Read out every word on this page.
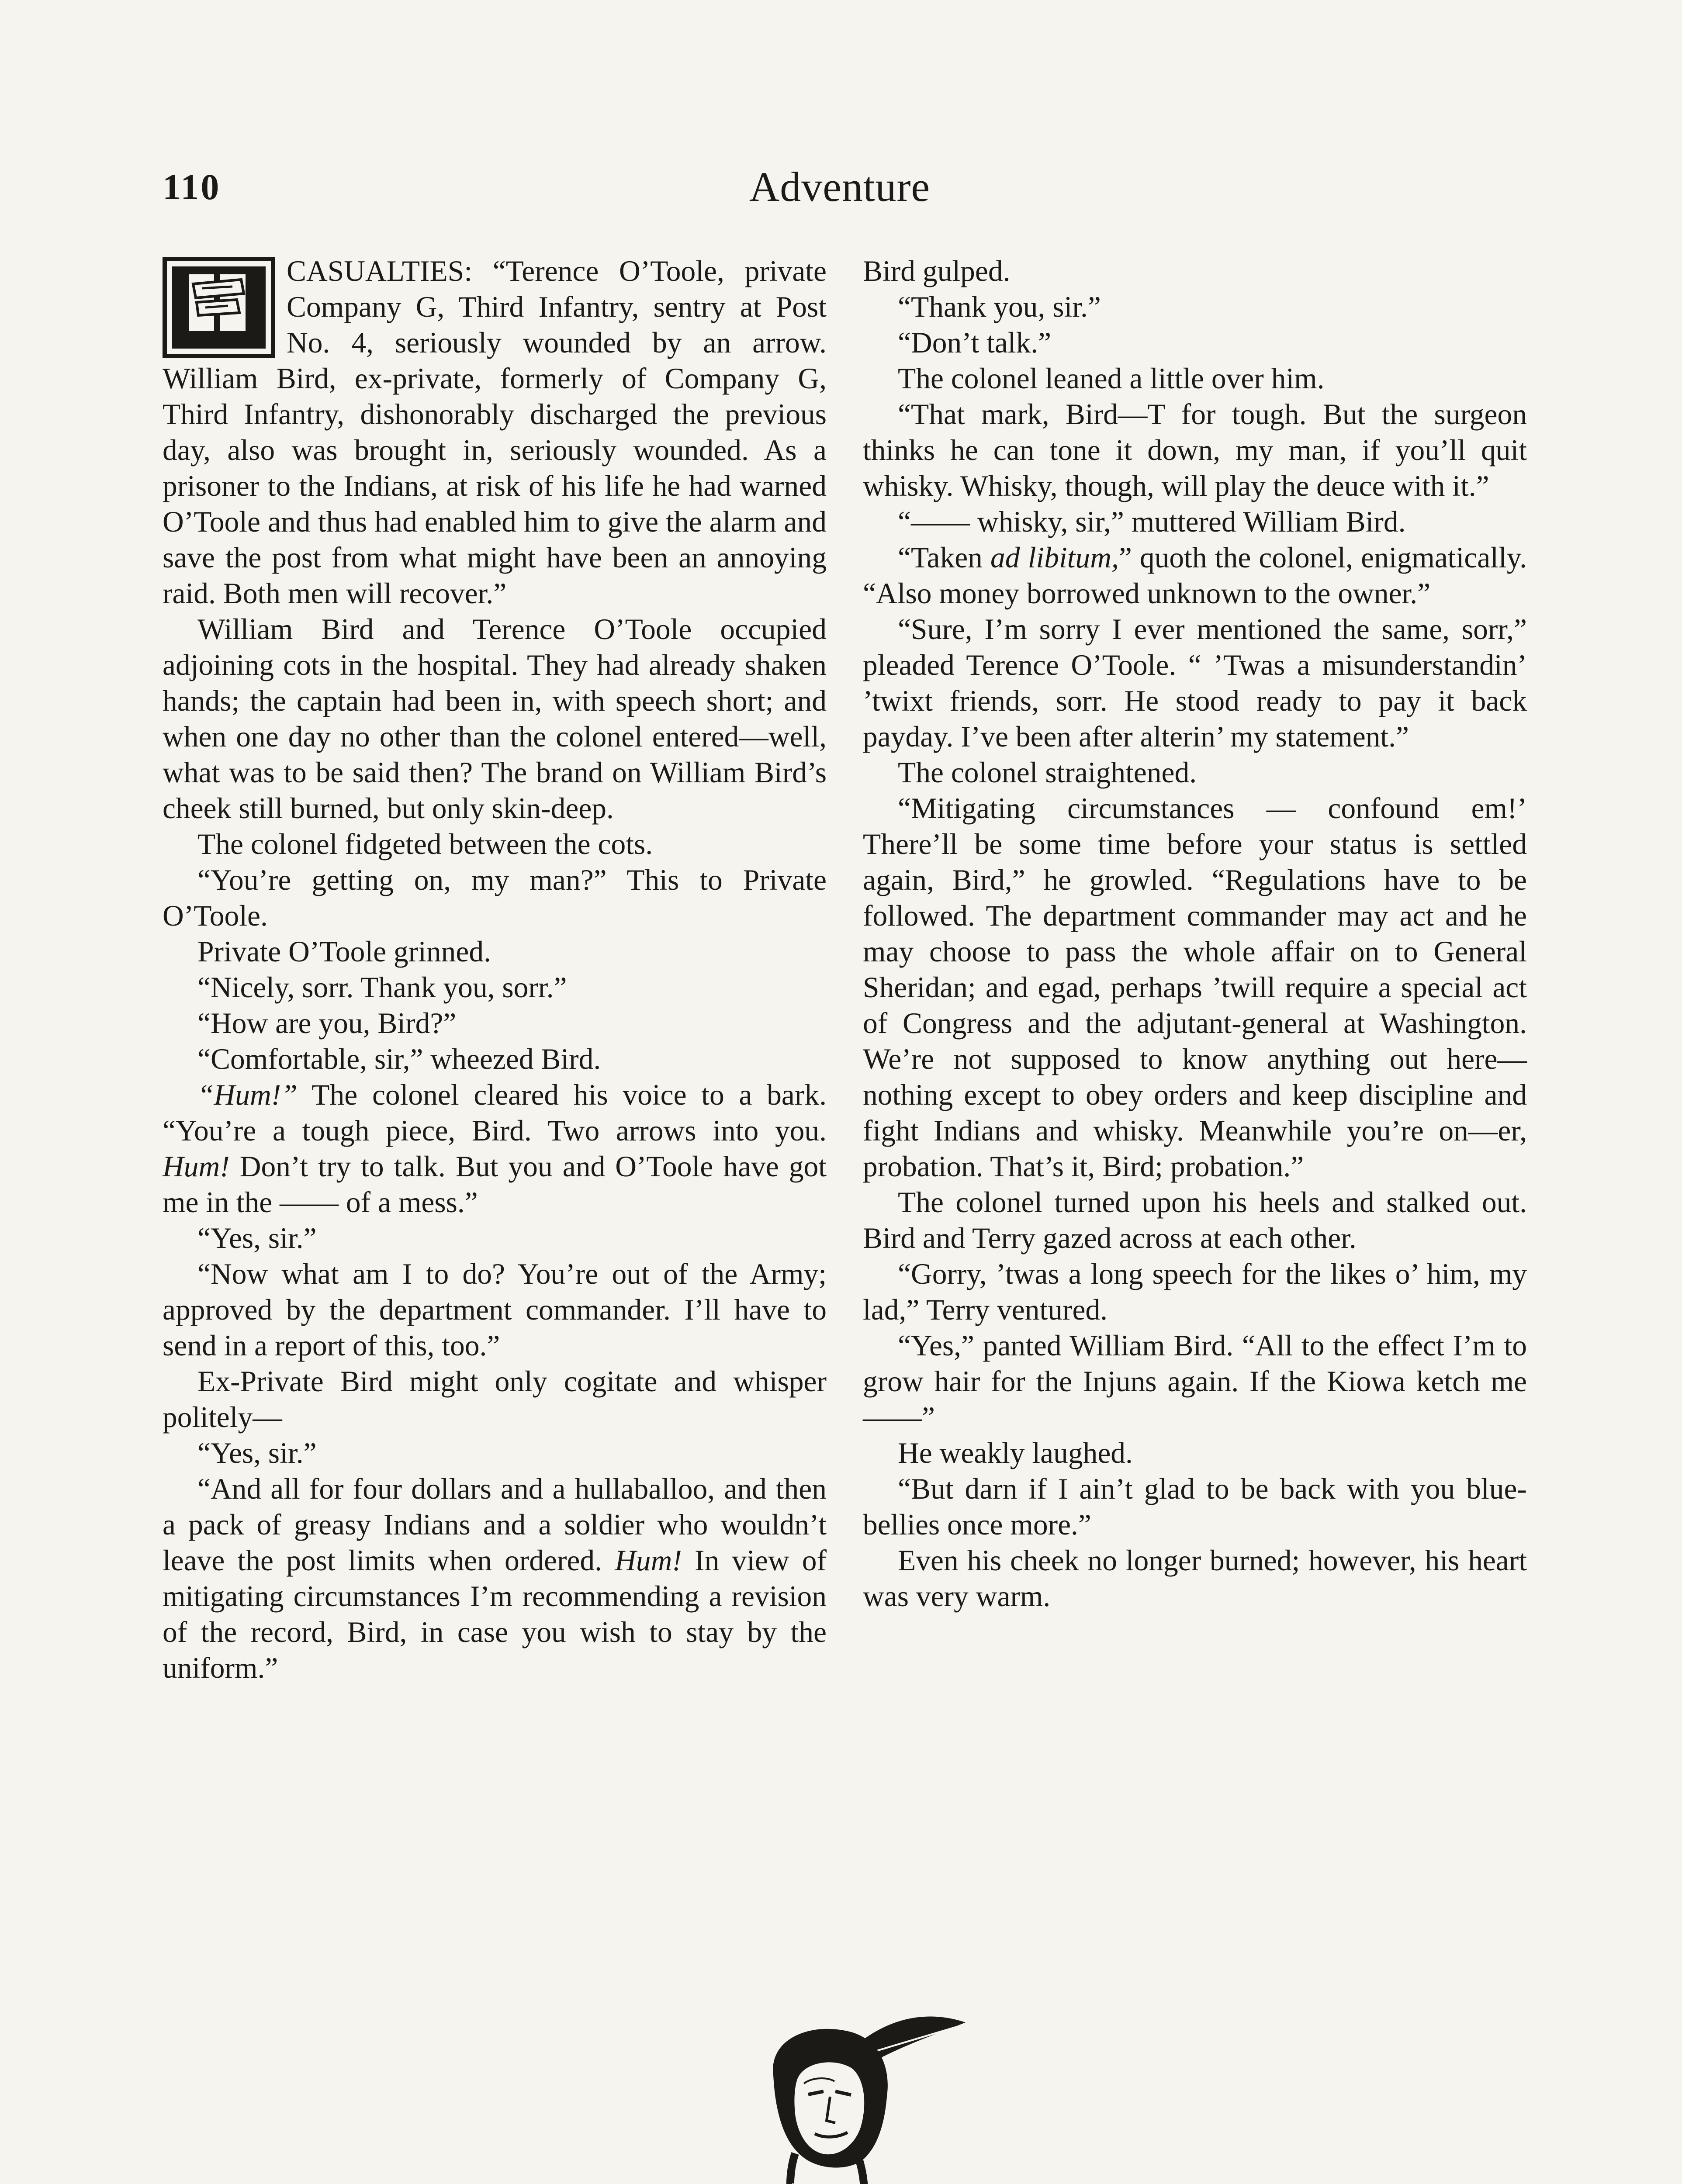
110	Adventure

CASUALTIES: “Terence O’Toole, private Company G, Third Infantry, sentry at Post No. 4, seriously wounded by an arrow. William Bird, ex-private, formerly of Company G, Third Infantry, dishonorably discharged the previous day, also was brought in, seriously wounded. As a prisoner to the Indians, at risk of his life he had warned O’Toole and thus had enabled him to give the alarm and save the post from what might have been an annoying raid. Both men will recover.”

William Bird and Terence O’Toole occupied adjoining cots in the hospital. They had already shaken hands; the captain had been in, with speech short; and when one day no other than the colonel entered—well, what was to be said then? The brand on William Bird’s cheek still burned, but only skin-deep.

The colonel fidgeted between the cots.

“You’re getting on, my man?” This to Private O’Toole.

Private O’Toole grinned.

“Nicely, sorr. Thank you, sorr.”

“How are you, Bird?”

“Comfortable, sir,” wheezed Bird.

“Hum!” The colonel cleared his voice to a bark. “You’re a tough piece, Bird. Two arrows into you. Hum! Don’t try to talk. But you and O’Toole have got me in the —— of a mess.”

“Yes, sir.”

“Now what am I to do? You’re out of the Army; approved by the department commander. I’ll have to send in a report of this, too.”

Ex-Private Bird might only cogitate and whisper politely—

“Yes, sir.”

“And all for four dollars and a hullaballoo, and then a pack of greasy Indians and a soldier who wouldn’t leave the post limits when ordered. Hum! In view of mitigating circumstances I’m recommending a revision of the record, Bird, in case you wish to stay by the uniform.”

Bird gulped.

“Thank you, sir.”

“Don’t talk.”

The colonel leaned a little over him.

“That mark, Bird—T for tough. But the surgeon thinks he can tone it down, my man, if you’ll quit whisky. Whisky, though, will play the deuce with it.”

“—— whisky, sir,” muttered William Bird.

“Taken ad libitum,” quoth the colonel, enigmatically. “Also money borrowed unknown to the owner.”

“Sure, I’m sorry I ever mentioned the same, sorr,” pleaded Terence O’Toole. “ ’Twas a misunderstandin’ ’twixt friends, sorr. He stood ready to pay it back payday. I’ve been after alterin’ my statement.”

The colonel straightened.

“Mitigating circumstances — confound em!’ There’ll be some time before your status is settled again, Bird,” he growled. “Regulations have to be followed. The department commander may act and he may choose to pass the whole affair on to General Sheridan; and egad, perhaps ’twill require a special act of Congress and the adjutant-general at Washington. We’re not supposed to know anything out here—nothing except to obey orders and keep discipline and fight Indians and whisky. Meanwhile you’re on—er, probation. That’s it, Bird; probation.”

The colonel turned upon his heels and stalked out. Bird and Terry gazed across at each other.

“Gorry, ’twas a long speech for the likes o’ him, my lad,” Terry ventured.

“Yes,” panted William Bird. “All to the effect I’m to grow hair for the Injuns again. If the Kiowa ketch me——”

He weakly laughed.

“But darn if I ain’t glad to be back with you blue-bellies once more.”

Even his cheek no longer burned; however, his heart was very warm.
